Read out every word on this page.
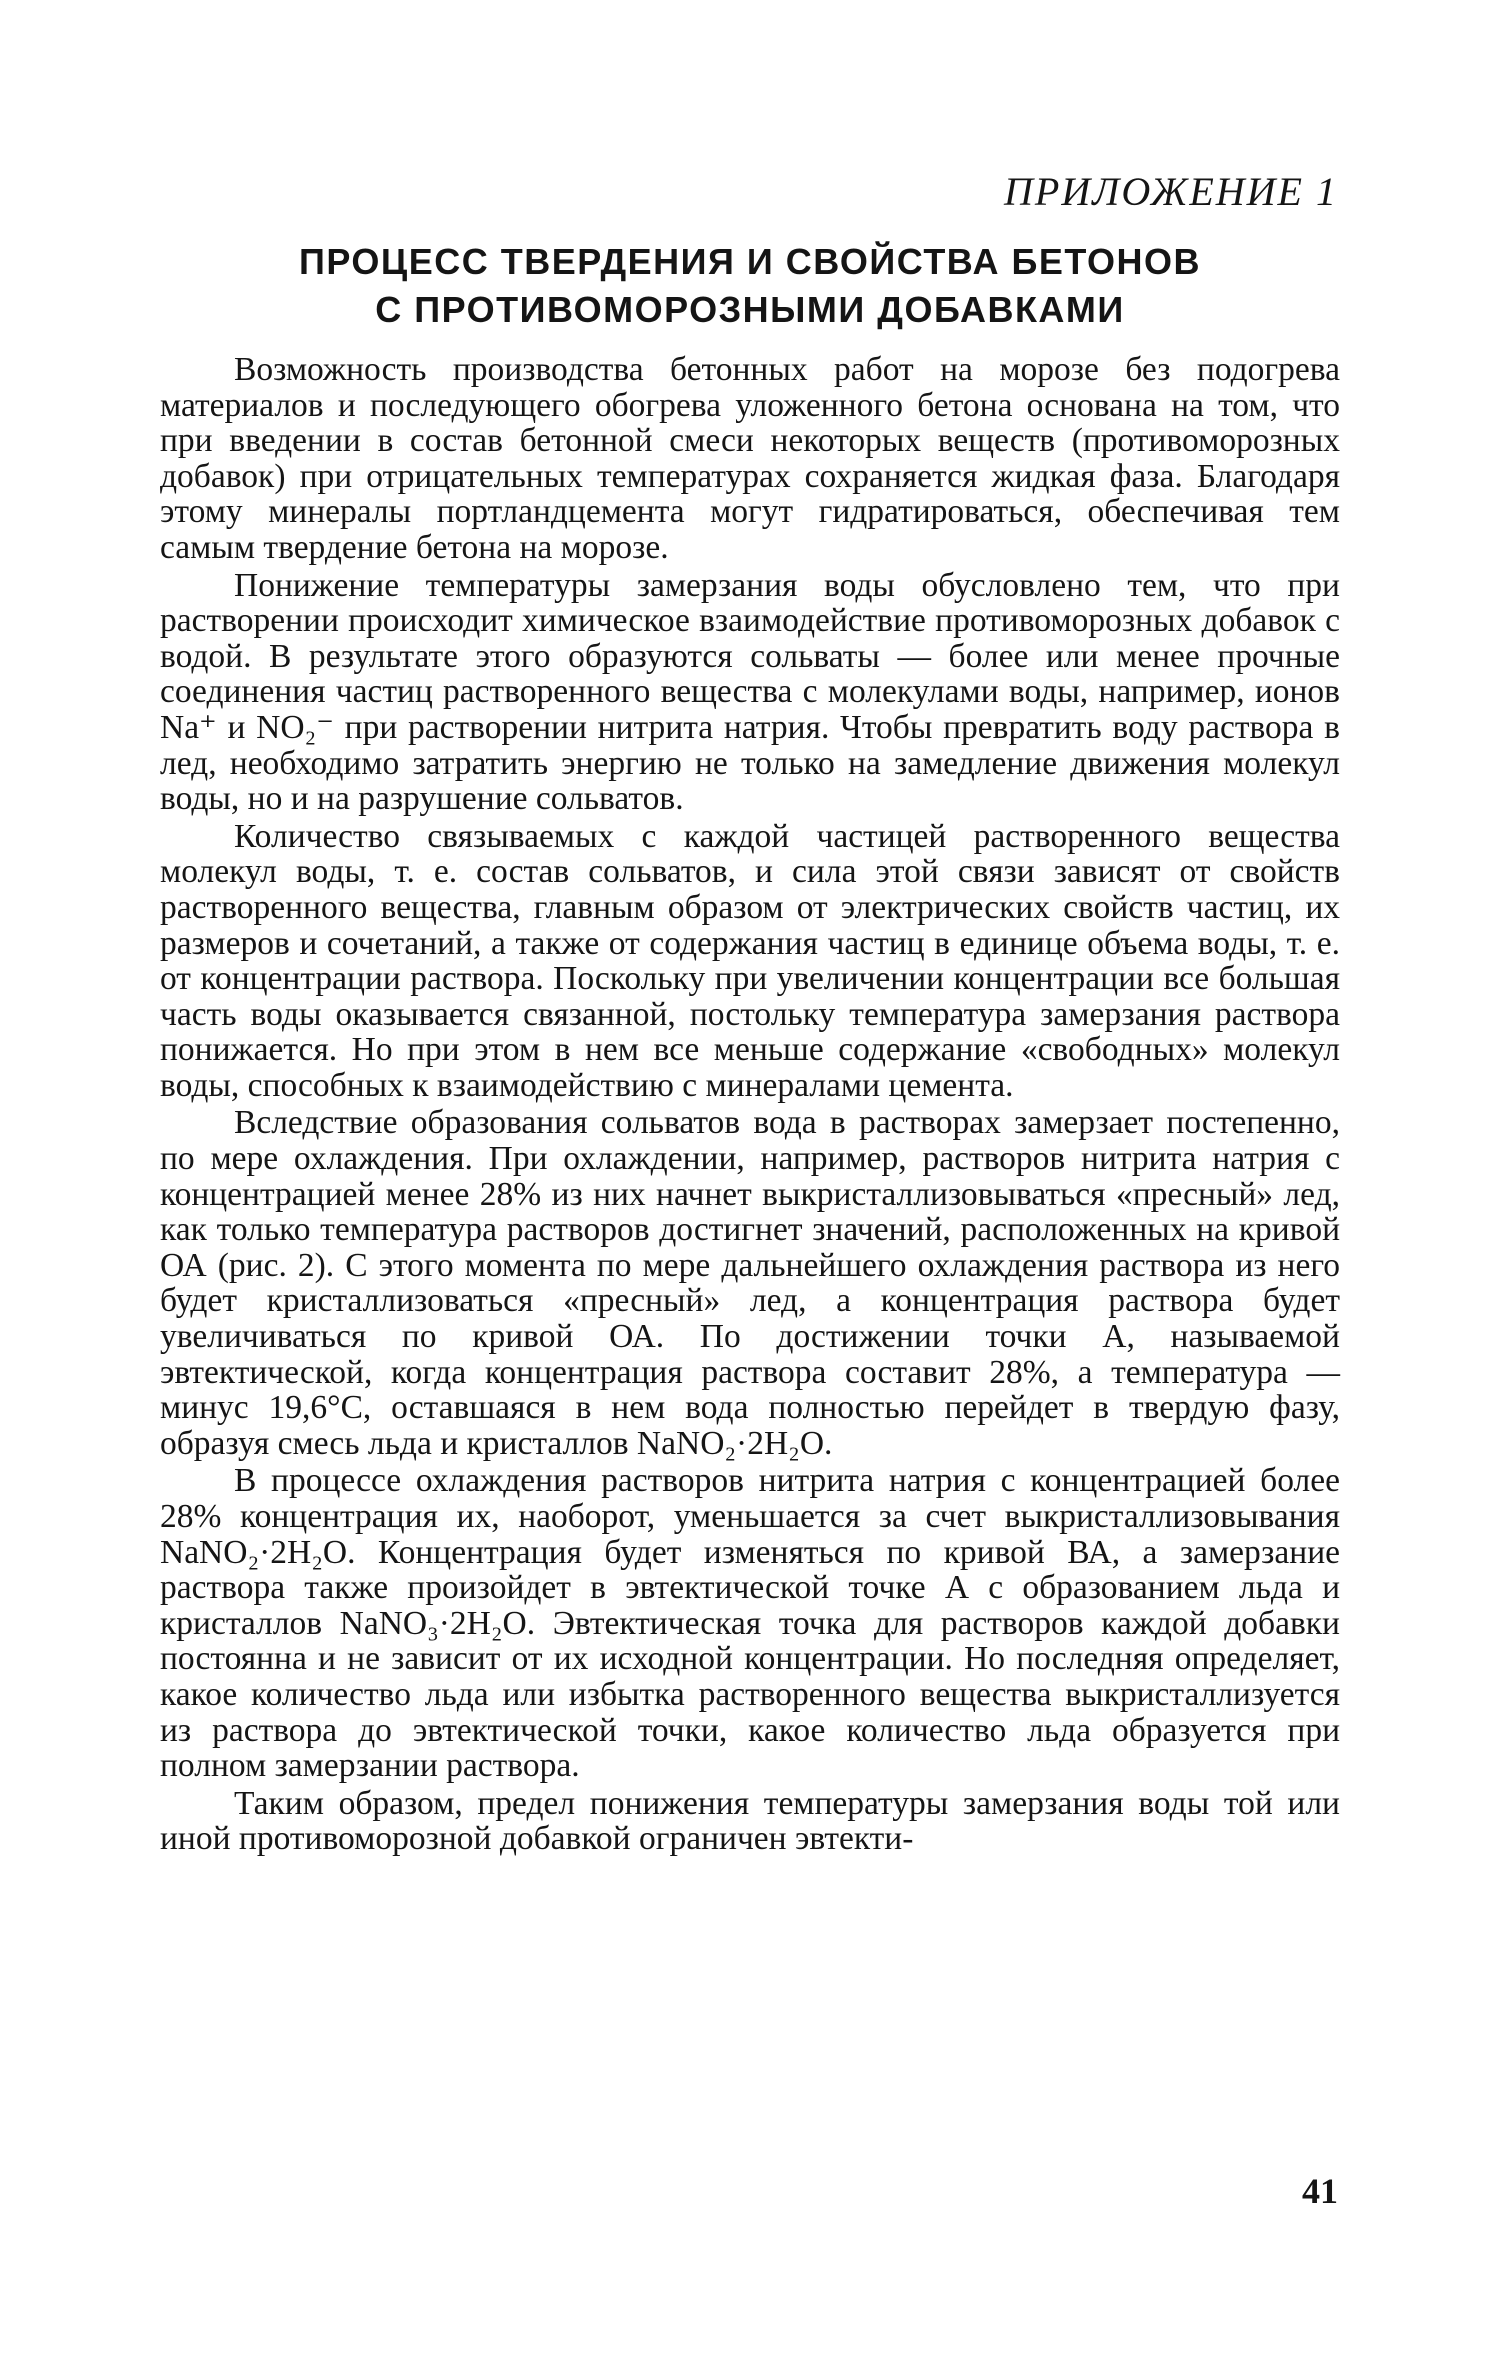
ПРИЛОЖЕНИЕ 1
ПРОЦЕСС ТВЕРДЕНИЯ И СВОЙСТВА БЕТОНОВ
С ПРОТИВОМОРОЗНЫМИ ДОБАВКАМИ

Возможность производства бетонных работ на морозе без подогрева материалов и последующего обогрева уложенного бетона основана на том, что при введении в состав бетонной смеси некоторых веществ (противоморозных добавок) при отрицательных температурах сохраняется жидкая фаза. Благодаря этому минералы портландцемента могут гидратироваться, обеспечивая тем самым твердение бетона на морозе.

Понижение температуры замерзания воды обусловлено тем, что при растворении происходит химическое взаимодействие противоморозных добавок с водой. В результате этого образуются сольваты — более или менее прочные соединения частиц растворенного вещества с молекулами воды, например, ионов Na⁺ и NO₂⁻ при растворении нитрита натрия. Чтобы превратить воду раствора в лед, необходимо затратить энергию не только на замедление движения молекул воды, но и на разрушение сольватов.

Количество связываемых с каждой частицей растворенного вещества молекул воды, т. е. состав сольватов, и сила этой связи зависят от свойств растворенного вещества, главным образом от электрических свойств частиц, их размеров и сочетаний, а также от содержания частиц в единице объема воды, т. е. от концентрации раствора. Поскольку при увеличении концентрации все большая часть воды оказывается связанной, постольку температура замерзания раствора понижается. Но при этом в нем все меньше содержание «свободных» молекул воды, способных к взаимодействию с минералами цемента.

Вследствие образования сольватов вода в растворах замерзает постепенно, по мере охлаждения. При охлаждении, например, растворов нитрита натрия с концентрацией менее 28% из них начнет выкристаллизовываться «пресный» лед, как только температура растворов достигнет значений, расположенных на кривой ОА (рис. 2). С этого момента по мере дальнейшего охлаждения раствора из него будет кристаллизоваться «пресный» лед, а концентрация раствора будет увеличиваться по кривой ОА. По достижении точки А, называемой эвтектической, когда концентрация раствора составит 28%, а температура — минус 19,6°С, оставшаяся в нем вода полностью перейдет в твердую фазу, образуя смесь льда и кристаллов NaNO₂·2H₂O.

В процессе охлаждения растворов нитрита натрия с концентрацией более 28% концентрация их, наоборот, уменьшается за счет выкристаллизовывания NaNO₂·2H₂O. Концентрация будет изменяться по кривой ВА, а замерзание раствора также произойдет в эвтектической точке А с образованием льда и кристаллов NaNO₃·2H₂O. Эвтектическая точка для растворов каждой добавки постоянна и не зависит от их исходной концентрации. Но последняя определяет, какое количество льда или избытка растворенного вещества выкристаллизуется из раствора до эвтектической точки, какое количество льда образуется при полном замерзании раствора.

Таким образом, предел понижения температуры замерзания воды той или иной противоморозной добавкой ограничен эвтекти-

41
